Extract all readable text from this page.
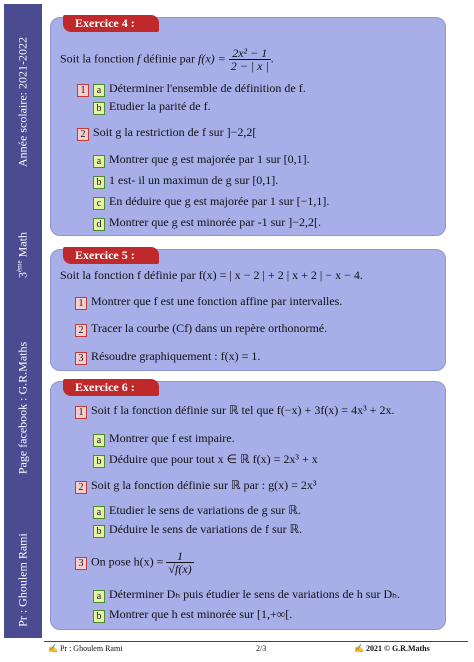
Année scolaire: 2021-2022
3ème Math
Page facebook : G.R.Maths
Pr : Ghoulem Rami
Exercice 4 :
Soit la fonction f définie par $f(x) = \frac{\text{2x² − 1}}{2 - | x |}$ .
1 a Déterminer l'ensemble de définition de f.
b Etudier la parité de f.
2 Soit g la restriction de f sur ]−2,2[
a Montrer que g est majorée par 1 sur [0,1].
b 1 est- il un maximun de g sur [0,1].
c En déduire que g est majorée par 1 sur [−1,1].
d Montrer que g est minorée par -1 sur ]−2,2[.
Exercice 5 :
Soit la fonction f définie par f(x) = | x − 2 | + 2 | x + 2 | − x − 4.
1 Montrer que f est une fonction affine par intervalles.
2 Tracer la courbe (Cf) dans un repère orthonormé.
3 Résoudre graphiquement : f(x) = 1.
Exercice 6 :
1 Soit f la fonction définie sur ℝ tel que f(−x) + 3f(x) = 4x³ + 2x.
a Montrer que f est impaire.
b Déduire que pour tout x ∈ ℝ f(x) = 2x³ + x
2 Soit g la fonction définie sur ℝ par : g(x) = 2x³
a Etudier le sens de variations de g sur ℝ.
b Déduire le sens de variations de f sur ℝ.
3 On pose $h(x) = \frac{1}{√f(x)}$
a Déterminer Dₕ puis étudier le sens de variations de h sur Dₕ.
b Montrer que h est minorée sur [1,+∞[.
✍ Pr : Ghoulem Rami	2/3	✍ 2021 © G.R.Maths
